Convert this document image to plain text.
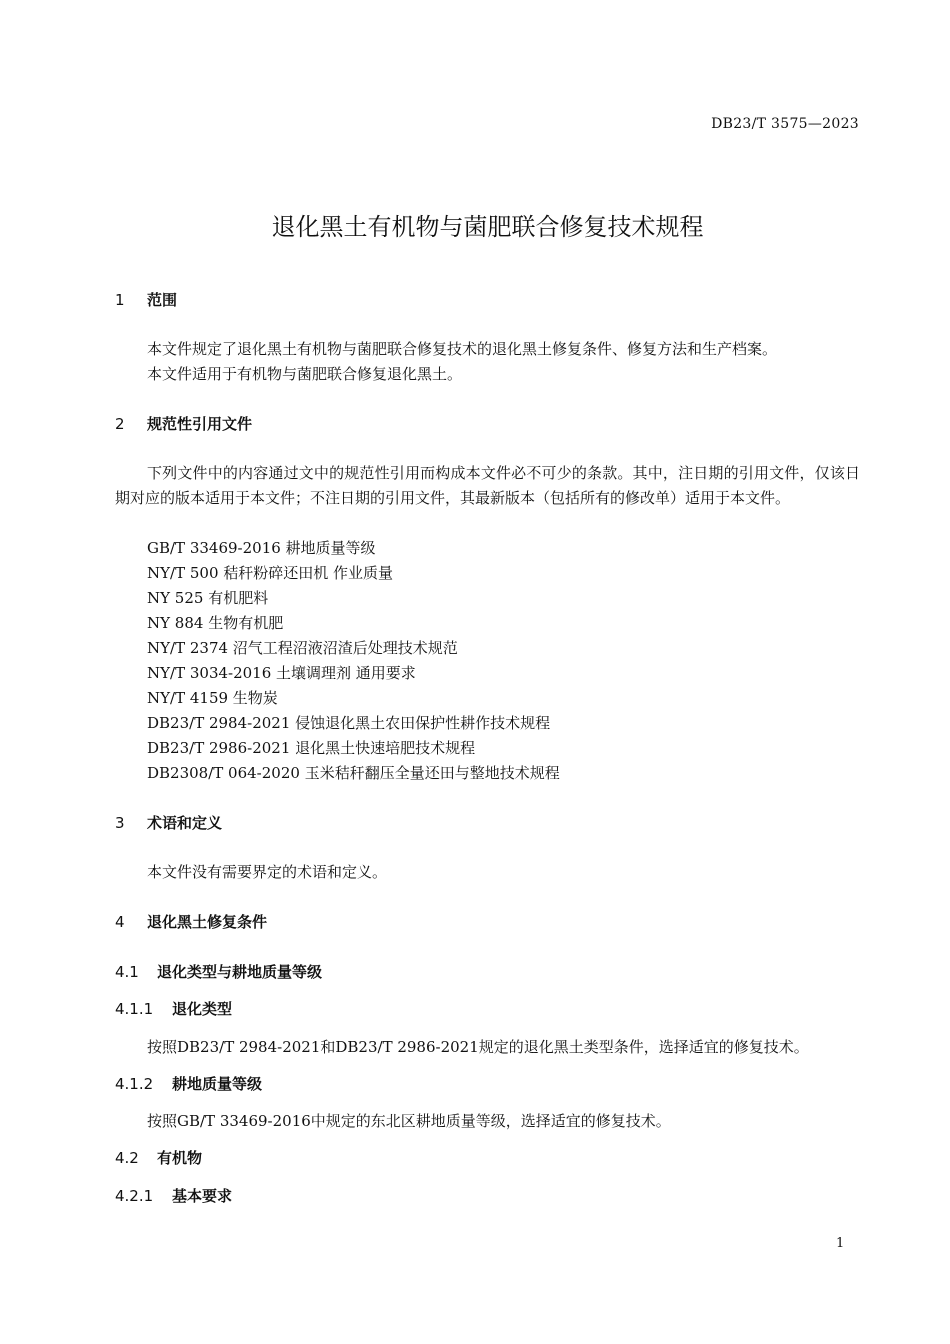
DB23/T 3575—2023
退化黑土有机物与菌肥联合修复技术规程
1 范围
本文件规定了退化黑土有机物与菌肥联合修复技术的退化黑土修复条件、修复方法和生产档案。
本文件适用于有机物与菌肥联合修复退化黑土。
2 规范性引用文件
下列文件中的内容通过文中的规范性引用而构成本文件必不可少的条款。其中，注日期的引用文件，仅该日期对应的版本适用于本文件；不注日期的引用文件，其最新版本（包括所有的修改单）适用于本文件。
GB/T 33469-2016 耕地质量等级
NY/T 500 秸秆粉碎还田机 作业质量
NY 525 有机肥料
NY 884 生物有机肥
NY/T 2374 沼气工程沼液沼渣后处理技术规范
NY/T 3034-2016 土壤调理剂 通用要求
NY/T 4159 生物炭
DB23/T 2984-2021 侵蚀退化黑土农田保护性耕作技术规程
DB23/T 2986-2021 退化黑土快速培肥技术规程
DB2308/T 064-2020 玉米秸秆翻压全量还田与整地技术规程
3 术语和定义
本文件没有需要界定的术语和定义。
4 退化黑土修复条件
4.1 退化类型与耕地质量等级
4.1.1 退化类型
按照DB23/T 2984-2021和DB23/T 2986-2021规定的退化黑土类型条件，选择适宜的修复技术。
4.1.2 耕地质量等级
按照GB/T 33469-2016中规定的东北区耕地质量等级，选择适宜的修复技术。
4.2 有机物
4.2.1 基本要求
1
